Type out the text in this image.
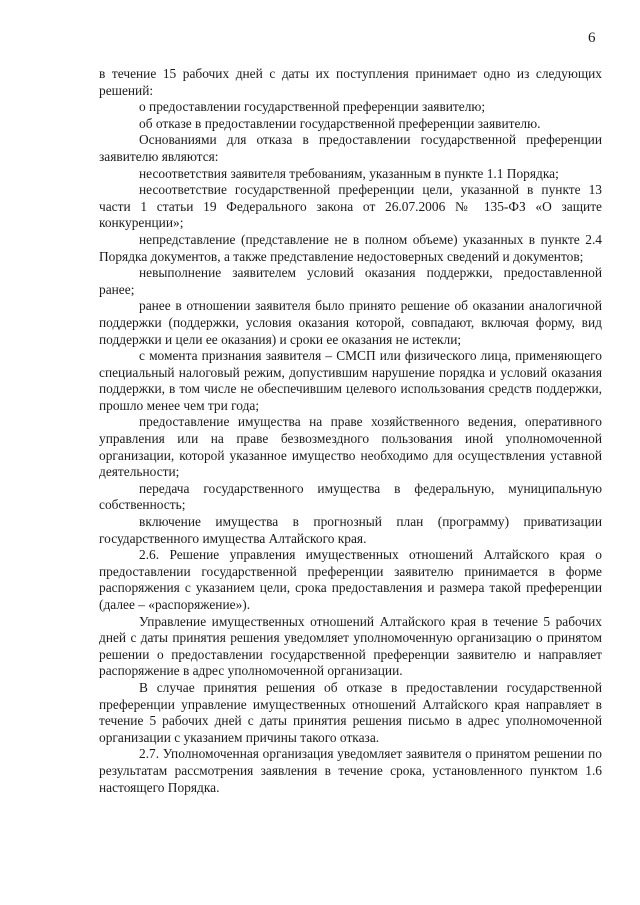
6

в течение 15 рабочих дней с даты их поступления принимает одно из следующих решений:

о предоставлении государственной преференции заявителю;

об отказе в предоставлении государственной преференции заявителю.

Основаниями для отказа в предоставлении государственной преференции заявителю являются:

несоответствия заявителя требованиям, указанным в пункте 1.1 Порядка;

несоответствие государственной преференции цели, указанной в пункте 13 части 1 статьи 19 Федерального закона от 26.07.2006 № 135-ФЗ «О защите конкуренции»;

непредставление (представление не в полном объеме) указанных в пункте 2.4 Порядка документов, а также представление недостоверных сведений и документов;

невыполнение заявителем условий оказания поддержки, предоставленной ранее;

ранее в отношении заявителя было принято решение об оказании аналогичной поддержки (поддержки, условия оказания которой, совпадают, включая форму, вид поддержки и цели ее оказания) и сроки ее оказания не истекли;

с момента признания заявителя – СМСП или физического лица, применяющего специальный налоговый режим, допустившим нарушение порядка и условий оказания поддержки, в том числе не обеспечившим целевого использования средств поддержки, прошло менее чем три года;

предоставление имущества на праве хозяйственного ведения, оперативного управления или на праве безвозмездного пользования иной уполномоченной организации, которой указанное имущество необходимо для осуществления уставной деятельности;

передача государственного имущества в федеральную, муниципальную собственность;

включение имущества в прогнозный план (программу) приватизации государственного имущества Алтайского края.

2.6. Решение управления имущественных отношений Алтайского края о предоставлении государственной преференции заявителю принимается в форме распоряжения с указанием цели, срока предоставления и размера такой преференции (далее – «распоряжение»).

Управление имущественных отношений Алтайского края в течение 5 рабочих дней с даты принятия решения уведомляет уполномоченную организацию о принятом решении о предоставлении государственной преференции заявителю и направляет распоряжение в адрес уполномоченной организации.

В случае принятия решения об отказе в предоставлении государственной преференции управление имущественных отношений Алтайского края направляет в течение 5 рабочих дней с даты принятия решения письмо в адрес уполномоченной организации с указанием причины такого отказа.

2.7. Уполномоченная организация уведомляет заявителя о принятом решении по результатам рассмотрения заявления в течение срока, установленного пунктом 1.6 настоящего Порядка.
